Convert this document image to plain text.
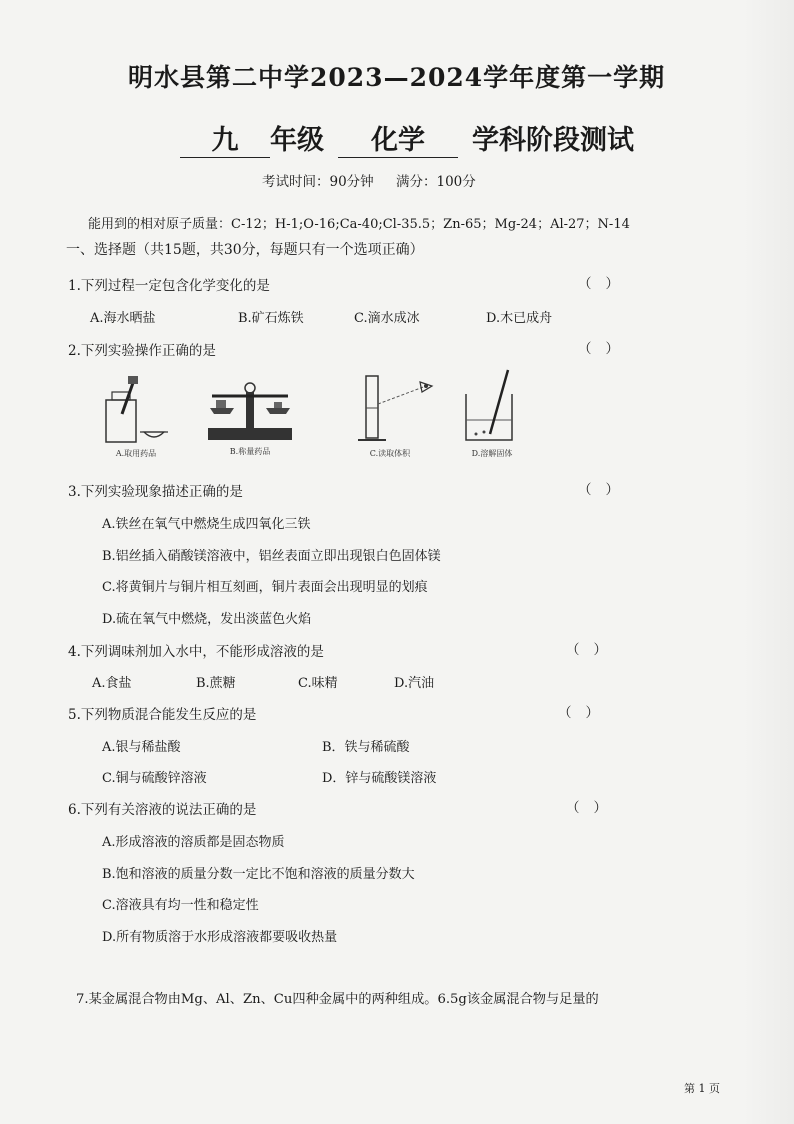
明水县第二中学2023—2024学年度第一学期
九 年级 化学 学科阶段测试
考试时间：90分钟 满分：100分
能用到的相对原子质量：C-12；H-1;O-16;Ca-40;Cl-35.5；Zn-65；Mg-24；Al-27；N-14
一、选择题（共15题，共30分，每题只有一个选项正确）
1.下列过程一定包含化学变化的是	（）
A.海水晒盐	B.矿石炼铁	C.滴水成冰	D.木已成舟
2.下列实验操作正确的是	（）
A.取用药品	B.称量药品	C.读取体积	D.溶解固体
3.下列实验现象描述正确的是	（）
A.铁丝在氧气中燃烧生成四氧化三铁
B.铝丝插入硝酸镁溶液中，铝丝表面立即出现银白色固体镁
C.将黄铜片与铜片相互刻画，铜片表面会出现明显的划痕
D.硫在氧气中燃烧，发出淡蓝色火焰
4.下列调味剂加入水中，不能形成溶液的是	（）
A.食盐	B.蔗糖	C.味精	D.汽油
5.下列物质混合能发生反应的是	（）
A.银与稀盐酸	B．铁与稀硫酸
C.铜与硫酸锌溶液	D．锌与硫酸镁溶液
6.下列有关溶液的说法正确的是	（）
A.形成溶液的溶质都是固态物质
B.饱和溶液的质量分数一定比不饱和溶液的质量分数大
C.溶液具有均一性和稳定性
D.所有物质溶于水形成溶液都要吸收热量
7.某金属混合物由Mg、Al、Zn、Cu四种金属中的两种组成。6.5g该金属混合物与足量的
第 1 页
